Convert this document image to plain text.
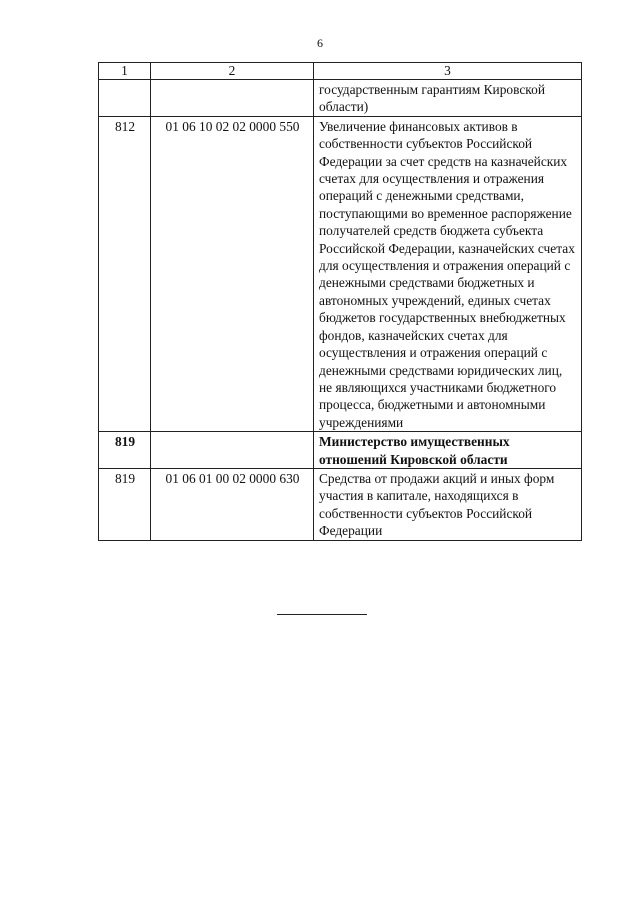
6
1	2	3
		государственным гарантиям Кировской области)
812	01 06 10 02 02 0000 550	Увеличение финансовых активов в собственности субъектов Российской Федерации за счет средств на казначейских счетах для осуществления и отражения операций с денежными средствами, поступающими во временное распоряжение получателей средств бюджета субъекта Российской Федерации, казначейских счетах для осуществления и отражения операций с денежными средствами бюджетных и автономных учреждений, единых счетах бюджетов государственных внебюджетных фондов, казначейских счетах для осуществления и отражения операций с денежными средствами юридических лиц, не являющихся участниками бюджетного процесса, бюджетными и автономными учреждениями
819		Министерство имущественных отношений Кировской области
819	01 06 01 00 02 0000 630	Средства от продажи акций и иных форм участия в капитале, находящихся в собственности субъектов Российской Федерации
